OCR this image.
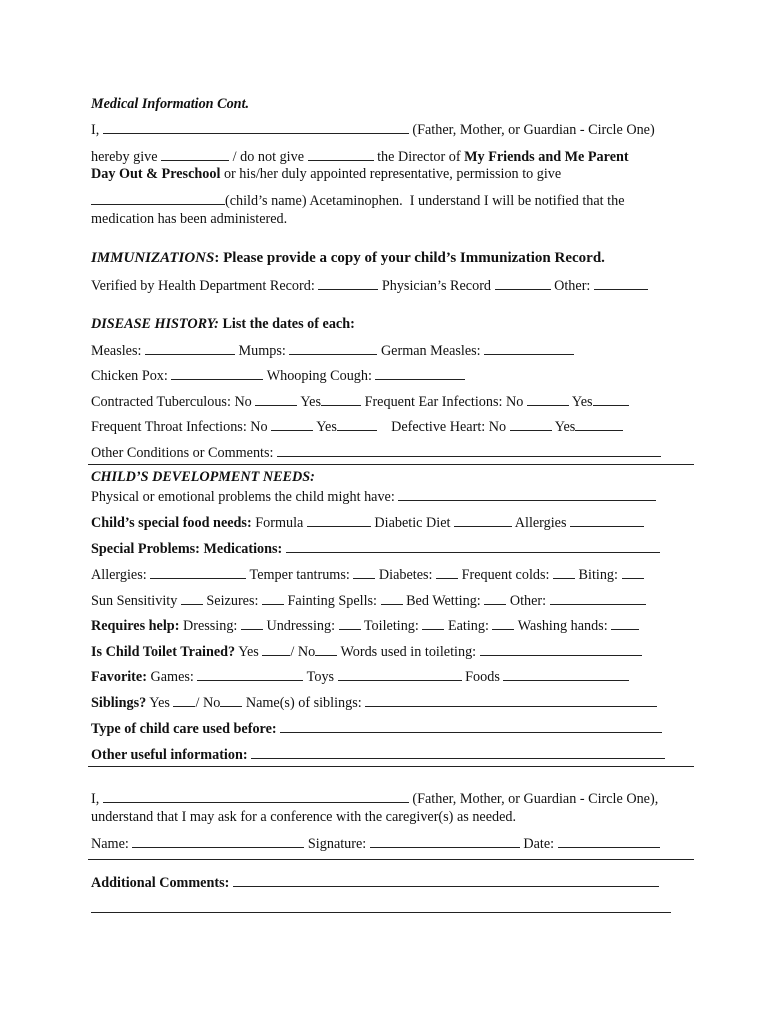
Medical Information Cont.
I,	(Father, Mother, or Guardian - Circle One)
hereby give	/ do not give	the Director of My Friends and Me Parent
Day Out & Preschool or his/her duly appointed representative, permission to give
(child’s name) Acetaminophen.  I understand I will be notified that the
medication has been administered.
IMMUNIZATIONS: Please provide a copy of your child’s Immunization Record.
Verified by Health Department Record:	Physician’s Record	Other:
DISEASE HISTORY: List the dates of each:
Measles:	Mumps:	German Measles:
Chicken Pox:	Whooping Cough:
Contracted Tuberculous: No	Yes	Frequent Ear Infections: No	Yes
Frequent Throat Infections: No	Yes	Defective Heart: No	Yes
Other Conditions or Comments:
CHILD’S DEVELOPMENT NEEDS:
Physical or emotional problems the child might have:
Child’s special food needs: Formula	Diabetic Diet	Allergies
Special Problems: Medications:
Allergies:	Temper tantrums: Diabetes: Frequent colds: Biting:
Sun Sensitivity Seizures: Fainting Spells: Bed Wetting: Other:
Requires help: Dressing: Undressing: Toileting: Eating: Washing hands:
Is Child Toilet Trained? Yes / No Words used in toileting:
Favorite: Games:	Toys	Foods
Siblings? Yes / No Name(s) of siblings:
Type of child care used before:
Other useful information:
I,	(Father, Mother, or Guardian - Circle One),
understand that I may ask for a conference with the caregiver(s) as needed.
Name:	Signature:	Date:
Additional Comments:
